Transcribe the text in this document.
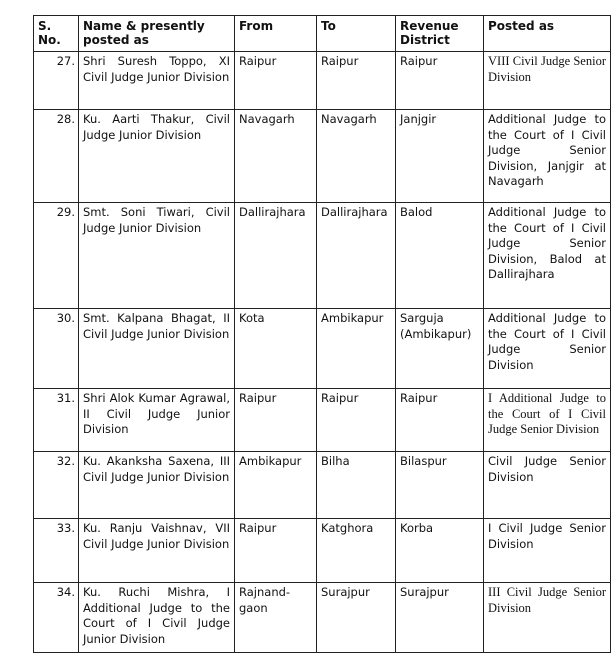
S. No.	Name & presently posted as	From	To	Revenue District	Posted as
27.	Shri Suresh Toppo, XI Civil Judge Junior Division	Raipur	Raipur	Raipur	VIII Civil Judge Senior Division
28.	Ku. Aarti Thakur, Civil Judge Junior Division	Navagarh	Navagarh	Janjgir	Additional Judge to the Court of I Civil Judge Senior Division, Janjgir at Navagarh
29.	Smt. Soni Tiwari, Civil Judge Junior Division	Dallirajhara	Dallirajhara	Balod	Additional Judge to the Court of I Civil Judge Senior Division, Balod at Dallirajhara
30.	Smt. Kalpana Bhagat, II Civil Judge Junior Division	Kota	Ambikapur	Sarguja (Ambikapur)	Additional Judge to the Court of I Civil Judge Senior Division
31.	Shri Alok Kumar Agrawal, II Civil Judge Junior Division	Raipur	Raipur	Raipur	I Additional Judge to the Court of I Civil Judge Senior Division
32.	Ku. Akanksha Saxena, III Civil Judge Junior Division	Ambikapur	Bilha	Bilaspur	Civil Judge Senior Division
33.	Ku. Ranju Vaishnav, VII Civil Judge Junior Division	Raipur	Katghora	Korba	I Civil Judge Senior Division
34.	Ku. Ruchi Mishra, I Additional Judge to the Court of I Civil Judge Junior Division	Rajnand-gaon	Surajpur	Surajpur	III Civil Judge Senior Division
